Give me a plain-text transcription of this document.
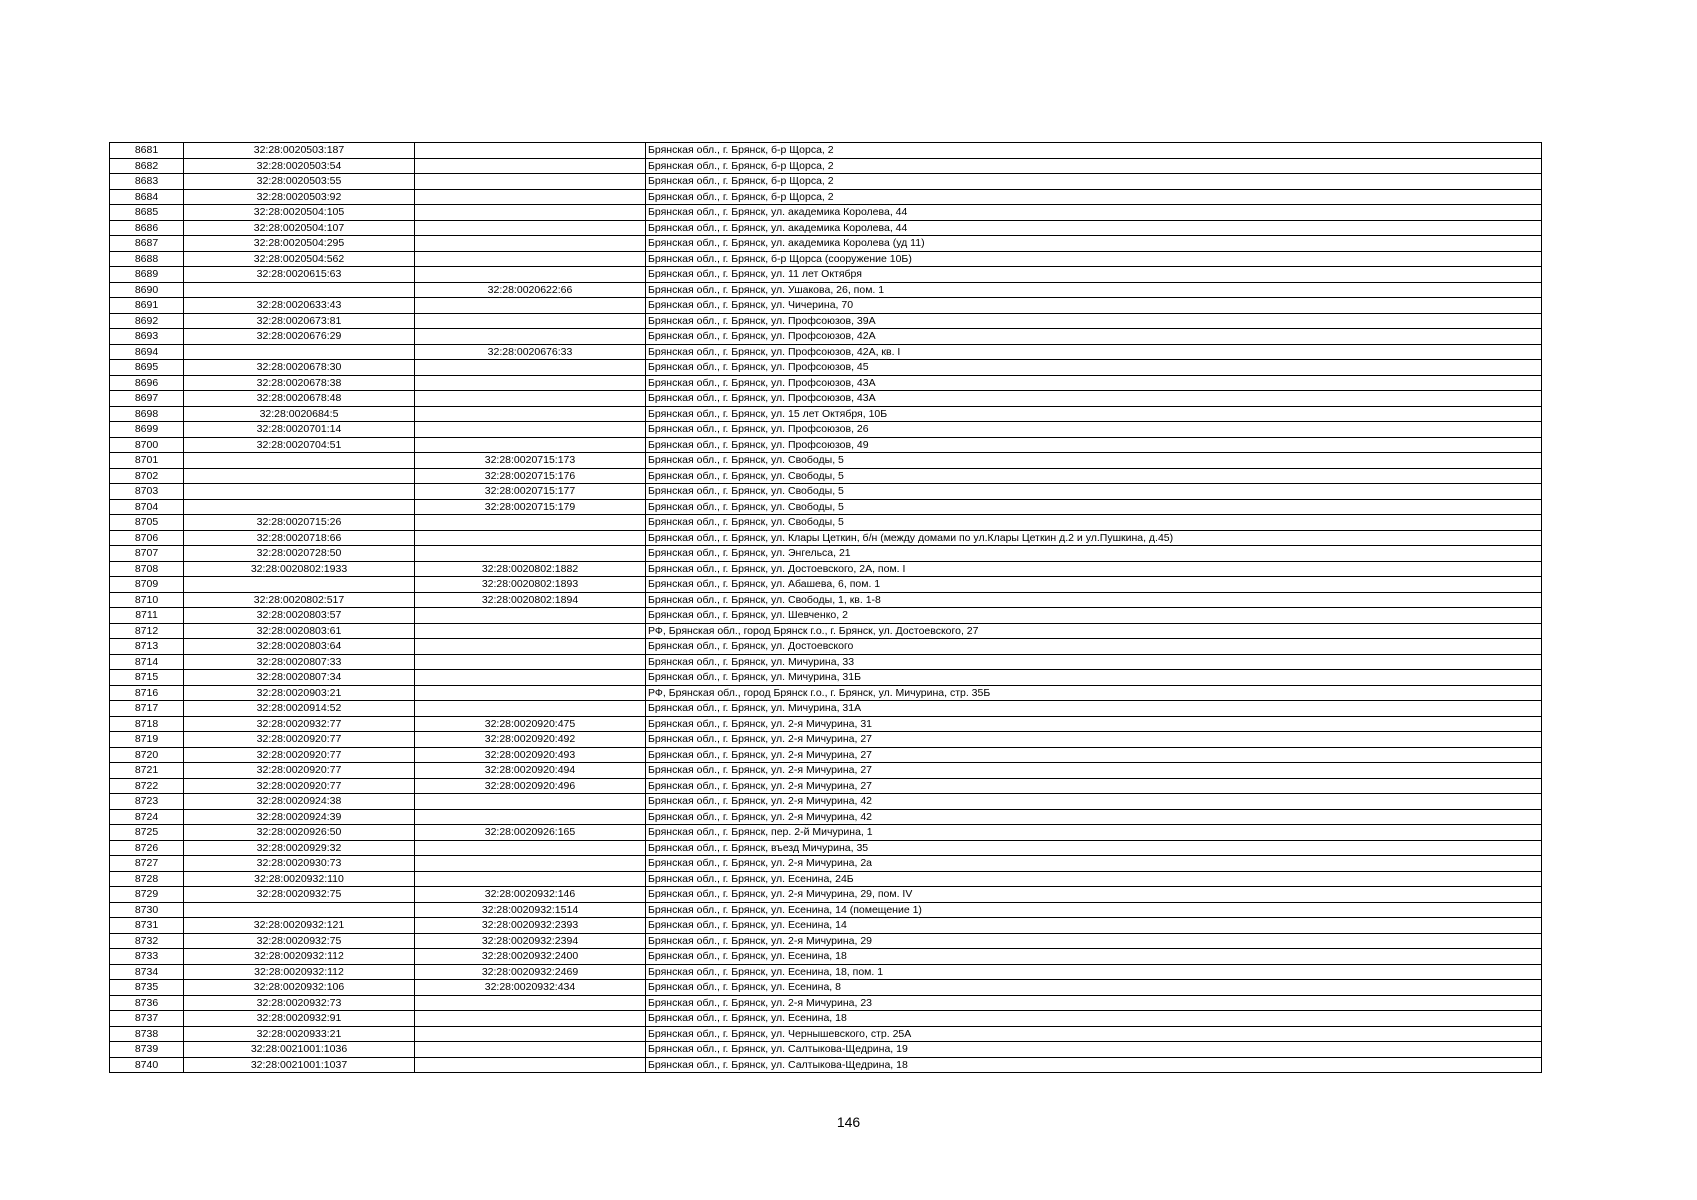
8681	32:28:0020503:187		Брянская обл., г. Брянск, б-р Щорса, 2
8682	32:28:0020503:54		Брянская обл., г. Брянск, б-р Щорса, 2
8683	32:28:0020503:55		Брянская обл., г. Брянск, б-р Щорса, 2
8684	32:28:0020503:92		Брянская обл., г. Брянск, б-р Щорса, 2
8685	32:28:0020504:105		Брянская обл., г. Брянск, ул. академика Королева, 44
8686	32:28:0020504:107		Брянская обл., г. Брянск, ул. академика Королева, 44
8687	32:28:0020504:295		Брянская обл., г. Брянск, ул. академика Королева (уд 11)
8688	32:28:0020504:562		Брянская обл., г. Брянск, б-р Щорса (сооружение 10Б)
8689	32:28:0020615:63		Брянская обл., г. Брянск, ул. 11 лет Октября
8690		32:28:0020622:66	Брянская обл., г. Брянск, ул. Ушакова, 26, пом. 1
8691	32:28:0020633:43		Брянская обл., г. Брянск, ул. Чичерина, 70
8692	32:28:0020673:81		Брянская обл., г. Брянск, ул. Профсоюзов, 39А
8693	32:28:0020676:29		Брянская обл., г. Брянск, ул. Профсоюзов, 42А
8694		32:28:0020676:33	Брянская обл., г. Брянск, ул. Профсоюзов, 42А, кв. I
8695	32:28:0020678:30		Брянская обл., г. Брянск, ул. Профсоюзов, 45
8696	32:28:0020678:38		Брянская обл., г. Брянск, ул. Профсоюзов, 43А
8697	32:28:0020678:48		Брянская обл., г. Брянск, ул. Профсоюзов, 43А
8698	32:28:0020684:5		Брянская обл., г. Брянск, ул. 15 лет Октября, 10Б
8699	32:28:0020701:14		Брянская обл., г. Брянск, ул. Профсоюзов, 26
8700	32:28:0020704:51		Брянская обл., г. Брянск, ул. Профсоюзов, 49
8701		32:28:0020715:173	Брянская обл., г. Брянск, ул. Свободы, 5
8702		32:28:0020715:176	Брянская обл., г. Брянск, ул. Свободы, 5
8703		32:28:0020715:177	Брянская обл., г. Брянск, ул. Свободы, 5
8704		32:28:0020715:179	Брянская обл., г. Брянск, ул. Свободы, 5
8705	32:28:0020715:26		Брянская обл., г. Брянск, ул. Свободы, 5
8706	32:28:0020718:66		Брянская обл., г. Брянск, ул. Клары Цеткин, б/н (между домами по ул.Клары Цеткин д.2 и ул.Пушкина, д.45)
8707	32:28:0020728:50		Брянская обл., г. Брянск, ул. Энгельса, 21
8708	32:28:0020802:1933	32:28:0020802:1882	Брянская обл., г. Брянск, ул. Достоевского, 2А, пом. I
8709		32:28:0020802:1893	Брянская обл., г. Брянск, ул. Абашева, 6, пом. 1
8710	32:28:0020802:517	32:28:0020802:1894	Брянская обл., г. Брянск, ул. Свободы, 1, кв. 1-8
8711	32:28:0020803:57		Брянская обл., г. Брянск, ул. Шевченко, 2
8712	32:28:0020803:61		РФ, Брянская обл., город Брянск г.о., г. Брянск, ул. Достоевского, 27
8713	32:28:0020803:64		Брянская обл., г. Брянск, ул. Достоевского
8714	32:28:0020807:33		Брянская обл., г. Брянск, ул. Мичурина, 33
8715	32:28:0020807:34		Брянская обл., г. Брянск, ул. Мичурина, 31Б
8716	32:28:0020903:21		РФ, Брянская обл., город Брянск г.о., г. Брянск, ул. Мичурина, стр. 35Б
8717	32:28:0020914:52		Брянская обл., г. Брянск, ул. Мичурина, 31А
8718	32:28:0020932:77	32:28:0020920:475	Брянская обл., г. Брянск, ул. 2-я Мичурина, 31
8719	32:28:0020920:77	32:28:0020920:492	Брянская обл., г. Брянск, ул. 2-я Мичурина, 27
8720	32:28:0020920:77	32:28:0020920:493	Брянская обл., г. Брянск, ул. 2-я Мичурина, 27
8721	32:28:0020920:77	32:28:0020920:494	Брянская обл., г. Брянск, ул. 2-я Мичурина, 27
8722	32:28:0020920:77	32:28:0020920:496	Брянская обл., г. Брянск, ул. 2-я Мичурина, 27
8723	32:28:0020924:38		Брянская обл., г. Брянск, ул. 2-я Мичурина, 42
8724	32:28:0020924:39		Брянская обл., г. Брянск, ул. 2-я Мичурина, 42
8725	32:28:0020926:50	32:28:0020926:165	Брянская обл., г. Брянск, пер. 2-й Мичурина, 1
8726	32:28:0020929:32		Брянская обл., г. Брянск, въезд Мичурина, 35
8727	32:28:0020930:73		Брянская обл., г. Брянск, ул. 2-я Мичурина, 2а
8728	32:28:0020932:110		Брянская обл., г. Брянск, ул. Есенина, 24Б
8729	32:28:0020932:75	32:28:0020932:146	Брянская обл., г. Брянск, ул. 2-я Мичурина, 29, пом. IV
8730		32:28:0020932:1514	Брянская обл., г. Брянск, ул. Есенина, 14 (помещение 1)
8731	32:28:0020932:121	32:28:0020932:2393	Брянская обл., г. Брянск, ул. Есенина, 14
8732	32:28:0020932:75	32:28:0020932:2394	Брянская обл., г. Брянск, ул. 2-я Мичурина, 29
8733	32:28:0020932:112	32:28:0020932:2400	Брянская обл., г. Брянск, ул. Есенина, 18
8734	32:28:0020932:112	32:28:0020932:2469	Брянская обл., г. Брянск, ул. Есенина, 18, пом. 1
8735	32:28:0020932:106	32:28:0020932:434	Брянская обл., г. Брянск, ул. Есенина, 8
8736	32:28:0020932:73		Брянская обл., г. Брянск, ул. 2-я Мичурина, 23
8737	32:28:0020932:91		Брянская обл., г. Брянск, ул. Есенина, 18
8738	32:28:0020933:21		Брянская обл., г. Брянск, ул. Чернышевского, стр. 25А
8739	32:28:0021001:1036		Брянская обл., г. Брянск, ул. Салтыкова-Щедрина, 19
8740	32:28:0021001:1037		Брянская обл., г. Брянск, ул. Салтыкова-Щедрина, 18
146
